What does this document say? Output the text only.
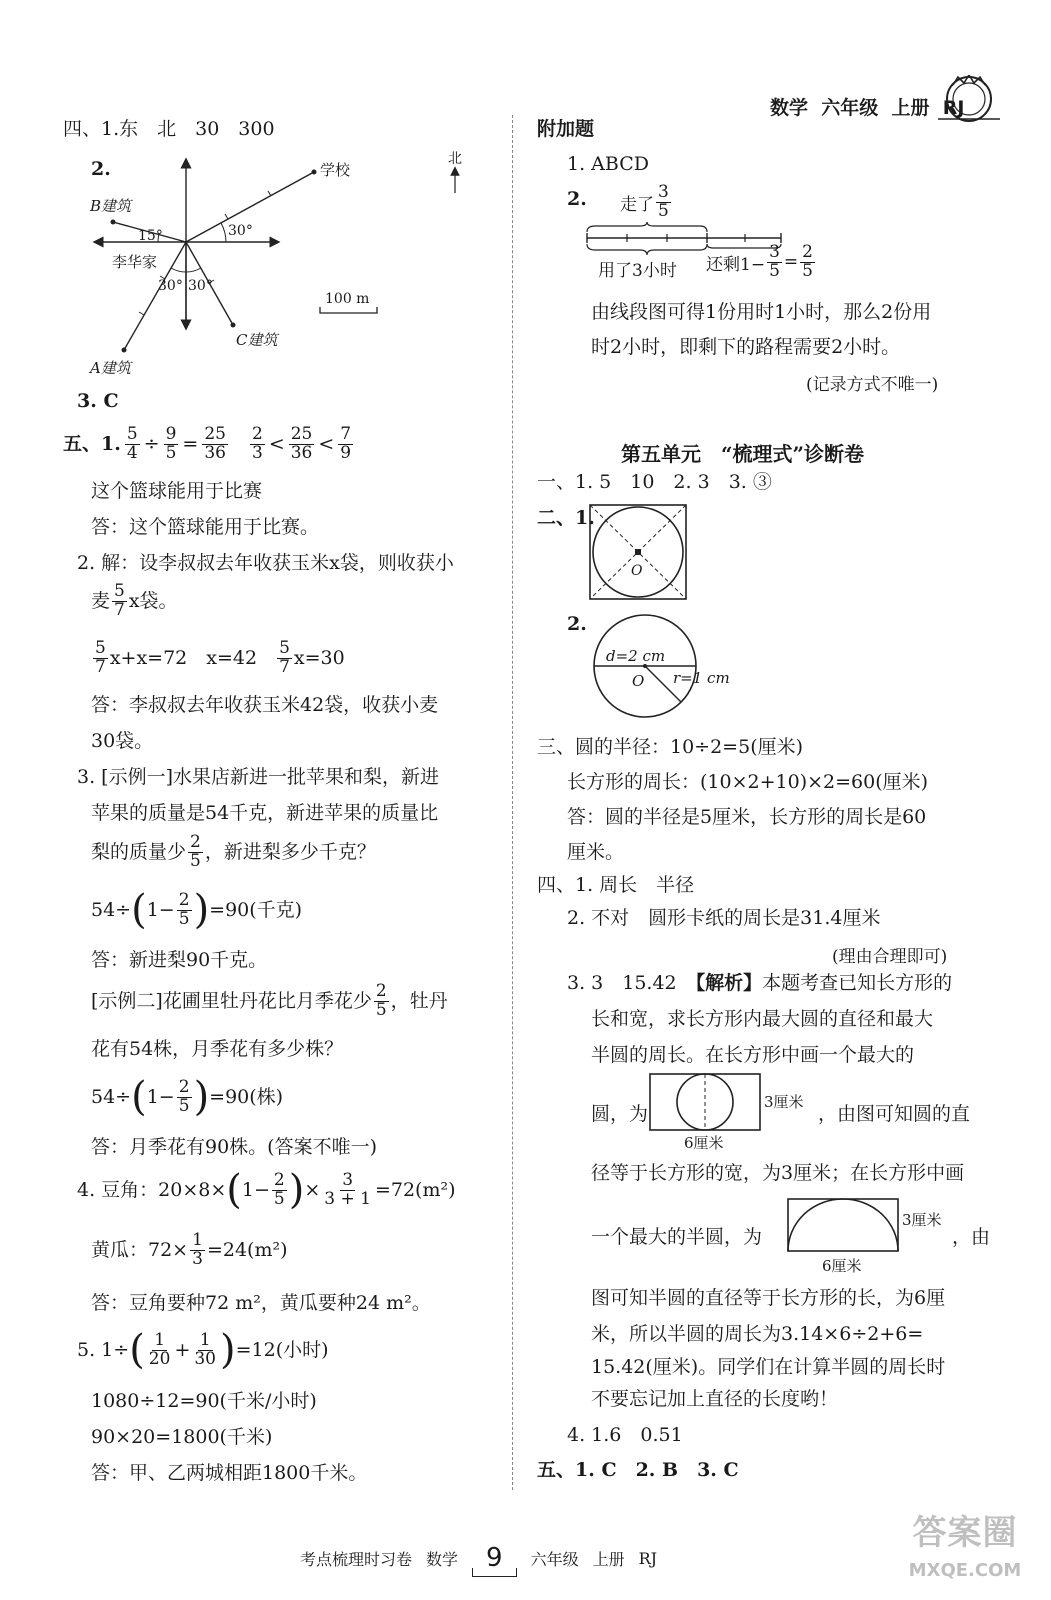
数学 六年级 上册 RJ
四、1.东　北　30　300
2.	学校
B建筑
A建筑
C建筑
30°
15°
30° 30°
李华家
北
100 m
3. C
五、1. $\frac{5}{4} \div \frac{9}{5} = \frac{25}{36} \frac{2}{3} < \frac{25}{36} < \frac{7}{9}$
这个篮球能用于比赛
答：这个篮球能用于比赛。
2. 解：设李叔叔去年收获玉米x袋，则收获小
麦 $\frac{5}{7}$ x袋。
$\frac{5}{7} x+x=72$　$x=42 \frac{5}{7} x=30$
答：李叔叔去年收获玉米42袋，收获小麦
30袋。
3. [示例一]水果店新进一批苹果和梨，新进
苹果的质量是54千克，新进苹果的质量比
梨的质量少 $\frac{2}{5}$ ，新进梨多少千克？
54÷ ( $1- \frac{2}{5}$ ) =90(千克)
答：新进梨90千克。
[示例二]花圃里牡丹花比月季花少 $\frac{2}{5}$ ，牡丹
花有54株，月季花有多少株？
54÷ ( $1- \frac{2}{5}$ ) =90(株)
答：月季花有90株。(答案不唯一)
4. 豆角：20×8× ( $1- \frac{2}{5}$ ) × $\frac{3}{3 + 1} =72(m^2)$
黄瓜：$72\times \frac{1}{3} =24(m^2)$
答：豆角要种72 m²，黄瓜要种24 m²。
5. 1÷ ( $\frac{1}{20} + \frac{1}{30}$ ) =12(小时)
1080÷12=90(千米/小时)
90×20=1800(千米)
答：甲、乙两城相距1800千米。
附加题
1. ABCD
2. 走了 $\frac{3}{5}$
用了3小时 还剩$1- \frac{3}{5} = \frac{2}{5}$
由线段图可得1份用时1小时，那么2份用
时2小时，即剩下的路程需要2小时。
(记录方式不唯一)
第五单元　“梳理式”诊断卷
一、1. 5　10　2. 3　3. ③
二、1.
O
2.
d=2 cm
O r=1 cm
三、圆的半径：10÷2=5(厘米)
长方形的周长：(10×2+10)×2=60(厘米)
答：圆的半径是5厘米，长方形的周长是60
厘米。
四、1. 周长　半径
2. 不对　圆形卡纸的周长是31.4厘米
(理由合理即可)
3. 3　15.42　【解析】本题考查已知长方形的
长和宽，求长方形内最大圆的直径和最大
半圆的周长。在长方形中画一个最大的
圆，为
3厘米
6厘米
，由图可知圆的直
径等于长方形的宽，为3厘米；在长方形中画
一个最大的半圆，为
3厘米
6厘米
，由
图可知半圆的直径等于长方形的长，为6厘
米，所以半圆的周长为3.14×6÷2+6=
15.42(厘米)。同学们在计算半圆的周长时
不要忘记加上直径的长度哟！
4. 1.6　0.51
五、1. C　2. B　3. C
考点梳理时习卷 数学	9	六年级 上册 RJ
答案圈
MXQE.COM
